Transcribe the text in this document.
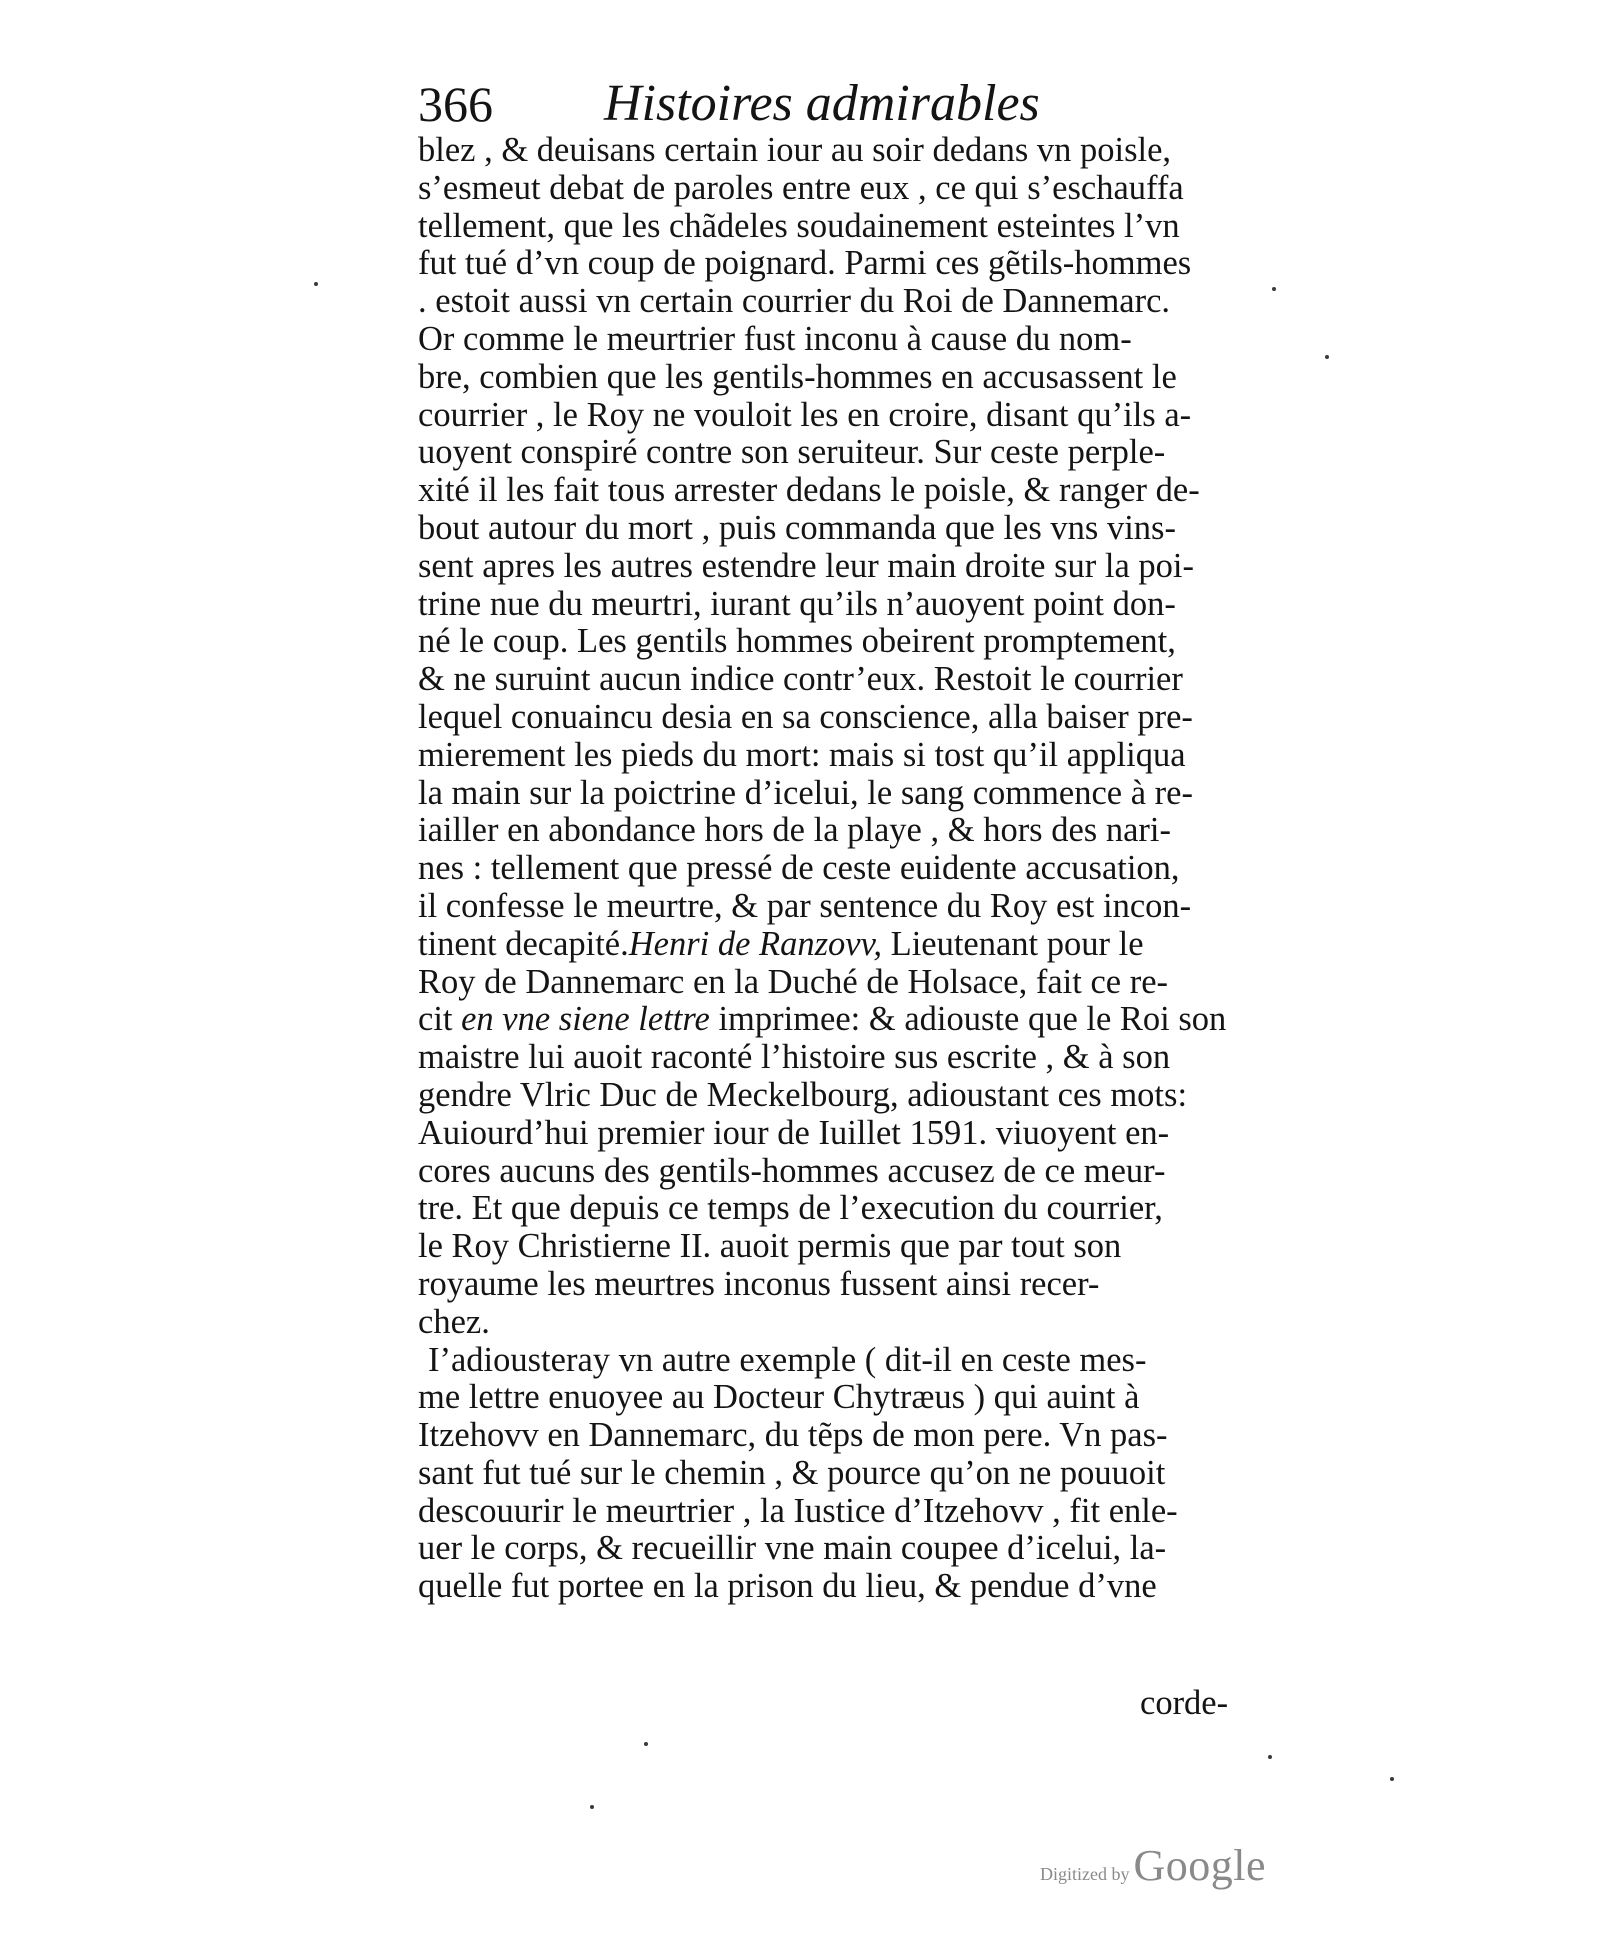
366 Histoires admirables
blez , & deuisans certain iour au soir dedans vn poisle,
s’esmeut debat de paroles entre eux , ce qui s’eschauffa
tellement, que les chãdeles soudainement esteintes l’vn
fut tué d’vn coup de poignard. Parmi ces gẽtils-hommes
. estoit aussi vn certain courrier du Roi de Dannemarc.
Or comme le meurtrier fust inconu à cause du nom-
bre, combien que les gentils-hommes en accusassent le
courrier , le Roy ne vouloit les en croire, disant qu’ils a-
uoyent conspiré contre son seruiteur. Sur ceste perple-
xité il les fait tous arrester dedans le poisle, & ranger de-
bout autour du mort , puis commanda que les vns vins-
sent apres les autres estendre leur main droite sur la poi-
trine nue du meurtri, iurant qu’ils n’auoyent point don-
né le coup. Les gentils hommes obeirent promptement,
& ne suruint aucun indice contr’eux. Restoit le courrier
lequel conuaincu desia en sa conscience, alla baiser pre-
mierement les pieds du mort: mais si tost qu’il appliqua
la main sur la poictrine d’icelui, le sang commence à re-
iailler en abondance hors de la playe , & hors des nari-
nes : tellement que pressé de ceste euidente accusation,
il confesse le meurtre, & par sentence du Roy est incon-
tinent decapité.Henri de Ranzovv, Lieutenant pour le
Roy de Dannemarc en la Duché de Holsace, fait ce re-
cit en vne siene lettre imprimee: & adiouste que le Roi son
maistre lui auoit raconté l’histoire sus escrite , & à son
gendre Vlric Duc de Meckelbourg, adioustant ces mots:
Auiourd’hui premier iour de Iuillet 1591. viuoyent en-
cores aucuns des gentils-hommes accusez de ce meur-
tre. Et que depuis ce temps de l’execution du courrier,
le Roy Christierne II. auoit permis que par tout son
royaume les meurtres inconus fussent ainsi recer-
chez.
I’adiousteray vn autre exemple ( dit-il en ceste mes-
me lettre enuoyee au Docteur Chytræus ) qui auint à
Itzehovv en Dannemarc, du tẽps de mon pere. Vn pas-
sant fut tué sur le chemin , & pource qu’on ne pouuoit
descouurir le meurtrier , la Iustice d’Itzehovv , fit enle-
uer le corps, & recueillir vne main coupee d’icelui, la-
quelle fut portee en la prison du lieu, & pendue d’vne
corde-
Digitized by Google
